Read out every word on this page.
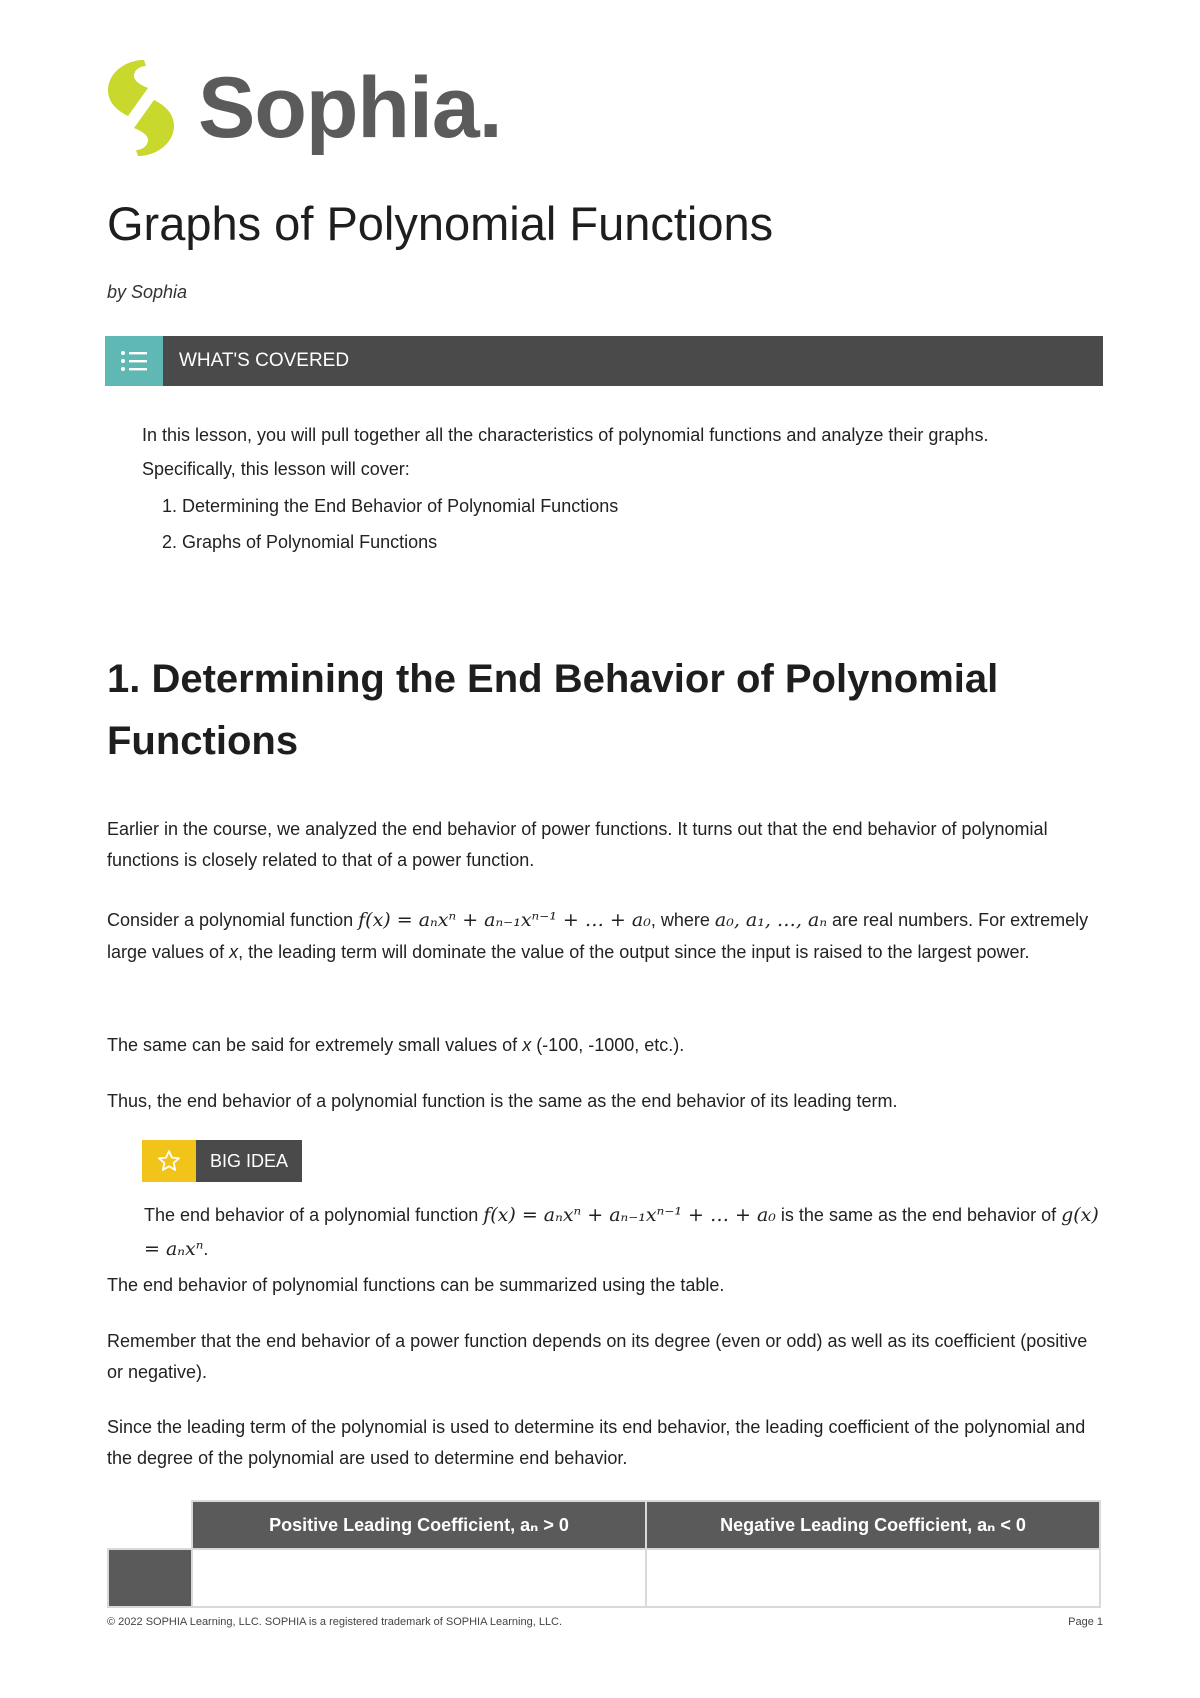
Sophia.
Graphs of Polynomial Functions
by Sophia
WHAT'S COVERED
In this lesson, you will pull together all the characteristics of polynomial functions and analyze their graphs. Specifically, this lesson will cover:
1. Determining the End Behavior of Polynomial Functions
2. Graphs of Polynomial Functions
1. Determining the End Behavior of Polynomial Functions

Earlier in the course, we analyzed the end behavior of power functions. It turns out that the end behavior of polynomial functions is closely related to that of a power function.

Consider a polynomial function f(x) = aₙxⁿ + aₙ₋₁xⁿ⁻¹ + … + a₀, where a₀, a₁, …, aₙ are real numbers. For extremely large values of x, the leading term will dominate the value of the output since the input is raised to the largest power.

The same can be said for extremely small values of x (-100, -1000, etc.).

Thus, the end behavior of a polynomial function is the same as the end behavior of its leading term.

BIG IDEA
The end behavior of a polynomial function f(x) = aₙxⁿ + aₙ₋₁xⁿ⁻¹ + … + a₀ is the same as the end behavior of g(x) = aₙxⁿ.

The end behavior of polynomial functions can be summarized using the table.

Remember that the end behavior of a power function depends on its degree (even or odd) as well as its coefficient (positive or negative).

Since the leading term of the polynomial is used to determine its end behavior, the leading coefficient of the polynomial and the degree of the polynomial are used to determine end behavior.

	Positive Leading Coefficient, aₙ > 0	Negative Leading Coefficient, aₙ < 0

© 2022 SOPHIA Learning, LLC. SOPHIA is a registered trademark of SOPHIA Learning, LLC.	Page 1
